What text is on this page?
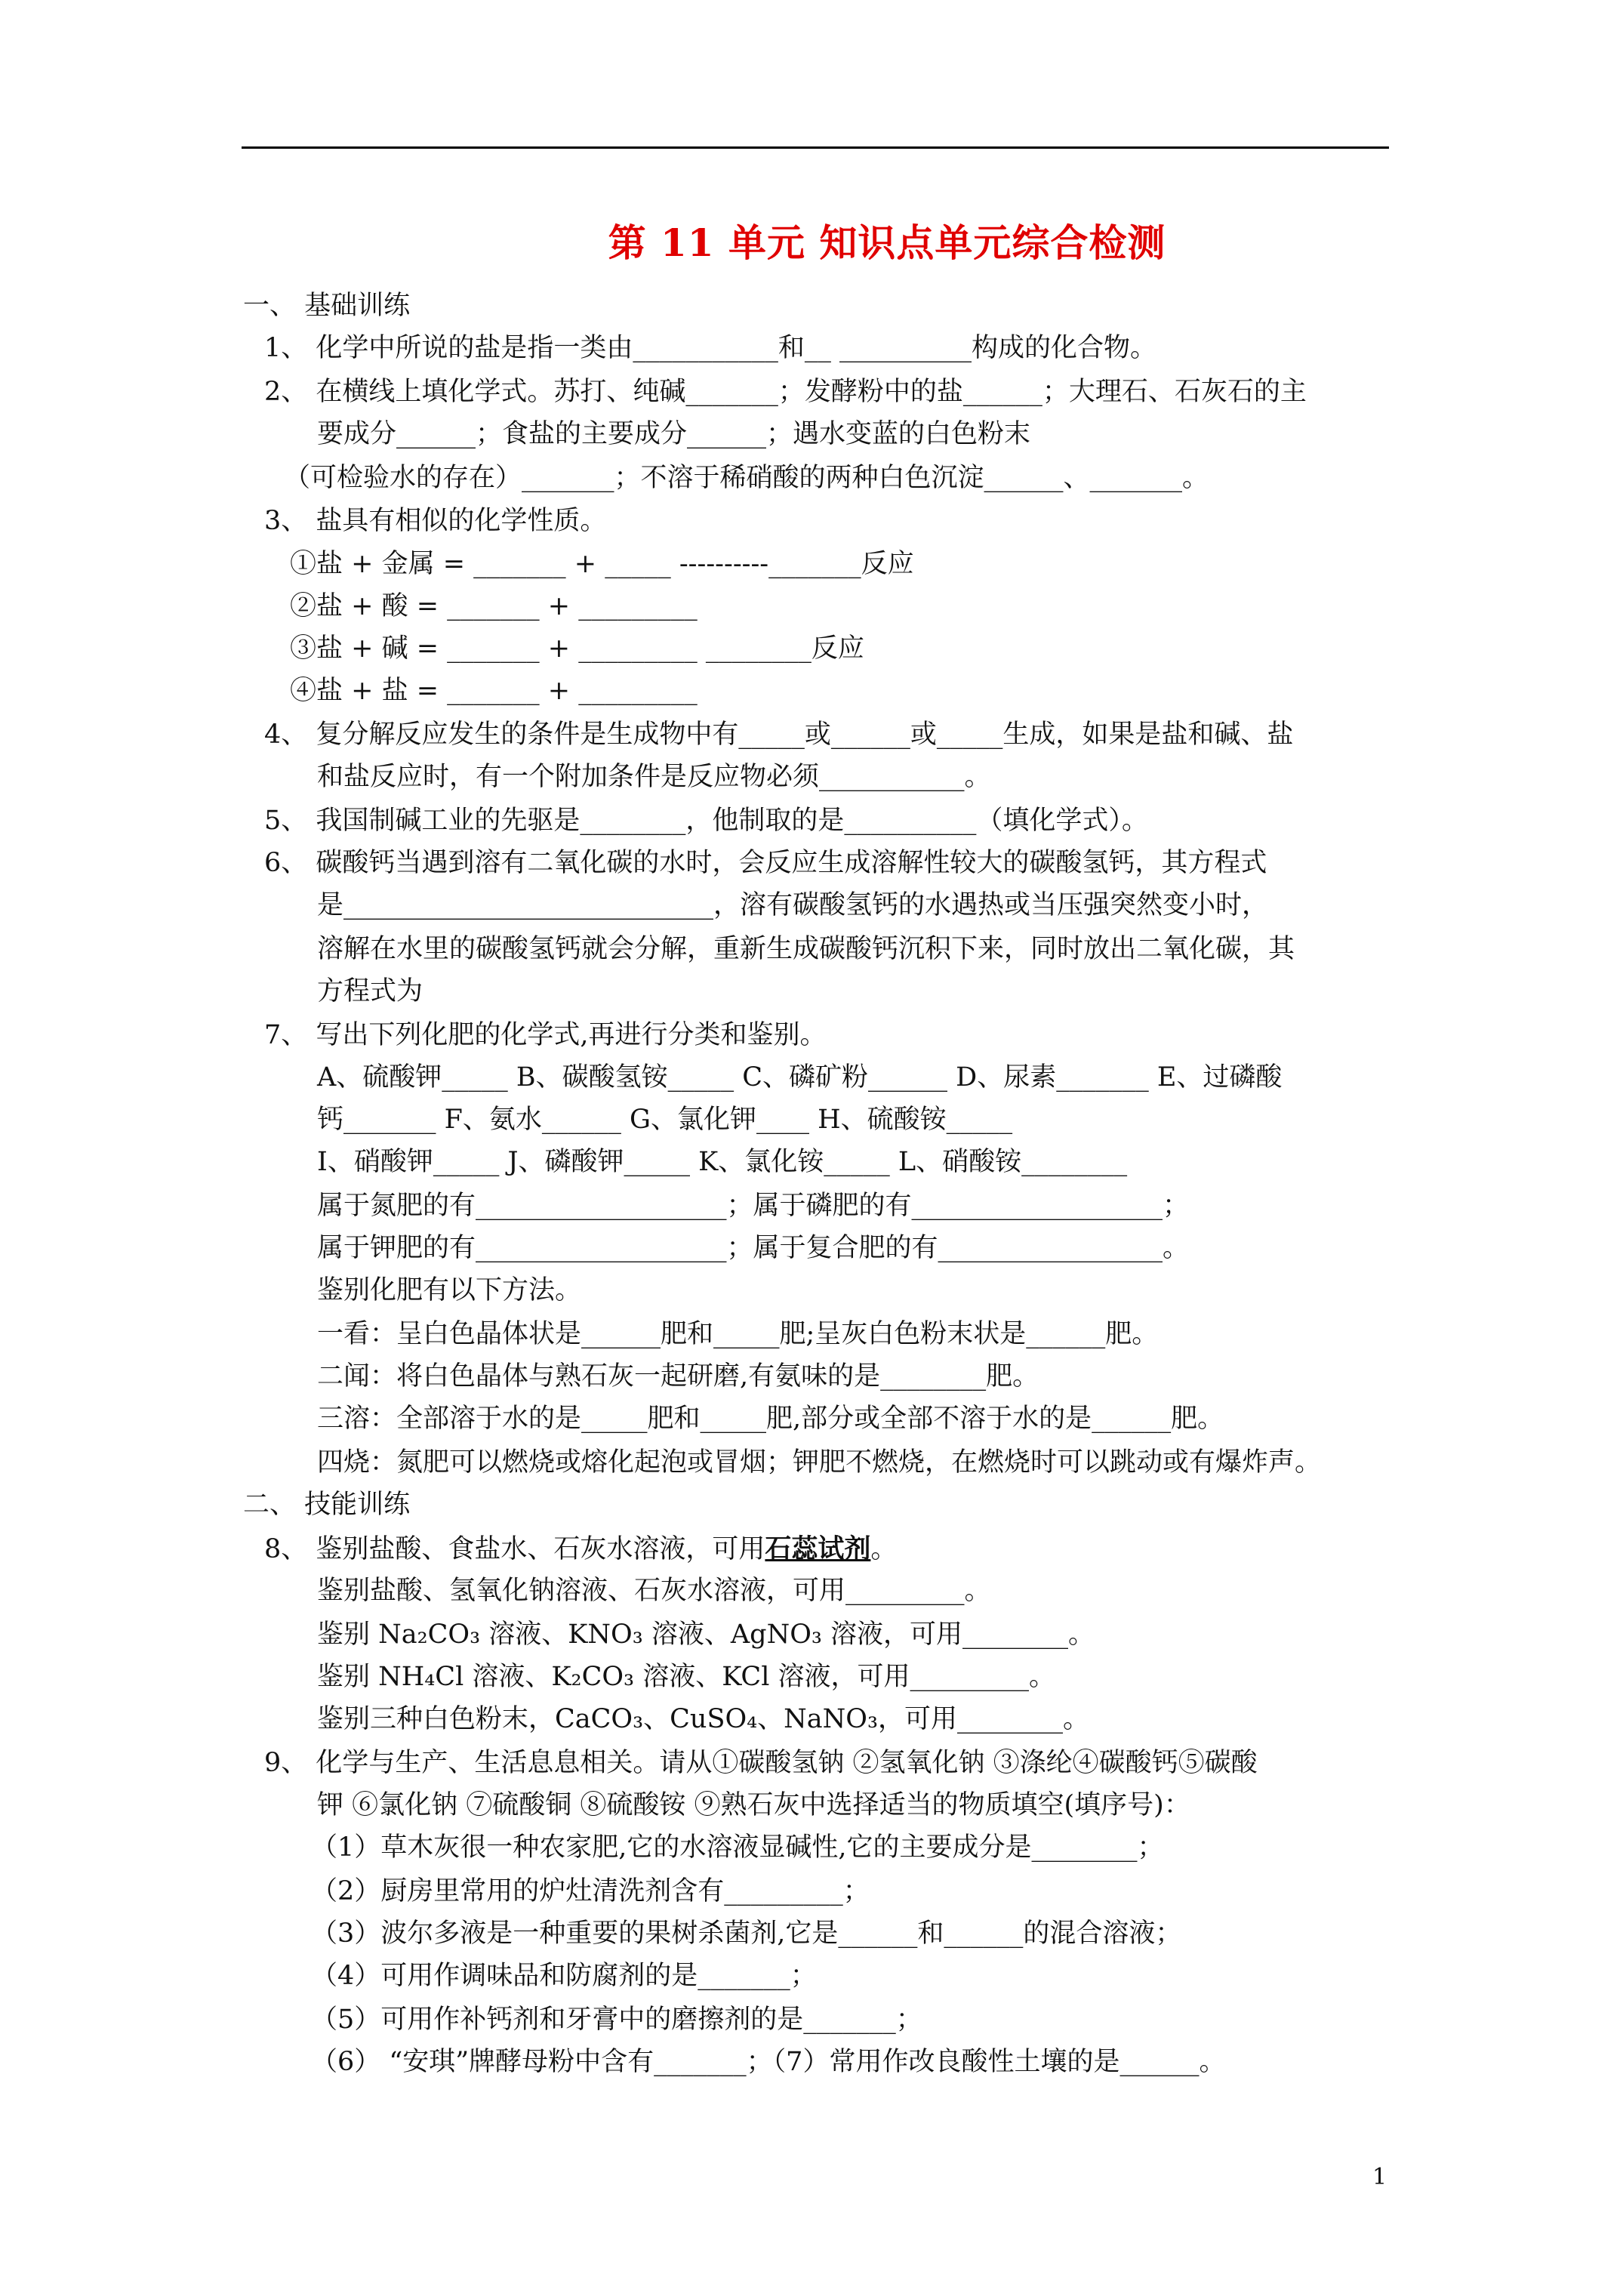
第 11 单元 知识点单元综合检测
一、 基础训练
1、 化学中所说的盐是指一类由___________和__ __________构成的化合物。
2、 在横线上填化学式。苏打、纯碱_______；发酵粉中的盐______；大理石、石灰石的主
要成分______；食盐的主要成分______；遇水变蓝的白色粉末
（可检验水的存在）_______；不溶于稀硝酸的两种白色沉淀______、_______。
3、 盐具有相似的化学性质。
①盐 + 金属 = _______ + _____ ----------_______反应
②盐 + 酸 = _______ + _________
③盐 + 碱 = _______ + _________ ________反应
④盐 + 盐 = _______ + _________
4、 复分解反应发生的条件是生成物中有_____或______或_____生成，如果是盐和碱、盐
和盐反应时，有一个附加条件是反应物必须___________。
5、 我国制碱工业的先驱是________，他制取的是__________（填化学式）。
6、 碳酸钙当遇到溶有二氧化碳的水时，会反应生成溶解性较大的碳酸氢钙，其方程式
是____________________________，溶有碳酸氢钙的水遇热或当压强突然变小时，
溶解在水里的碳酸氢钙就会分解，重新生成碳酸钙沉积下来，同时放出二氧化碳，其
方程式为
7、 写出下列化肥的化学式,再进行分类和鉴别。
A、硫酸钾_____ B、碳酸氢铵_____ C、磷矿粉______ D、尿素_______ E、过磷酸
钙_______ F、氨水______ G、氯化钾____ H、硫酸铵_____
I、硝酸钾_____ J、磷酸钾_____ K、氯化铵_____ L、硝酸铵________
属于氮肥的有___________________；属于磷肥的有___________________；
属于钾肥的有___________________；属于复合肥的有_________________。
鉴别化肥有以下方法。
一看：呈白色晶体状是______肥和_____肥;呈灰白色粉末状是______肥。
二闻：将白色晶体与熟石灰一起研磨,有氨味的是________肥。
三溶：全部溶于水的是_____肥和_____肥,部分或全部不溶于水的是______肥。
四烧：氮肥可以燃烧或熔化起泡或冒烟；钾肥不燃烧，在燃烧时可以跳动或有爆炸声。
二、 技能训练
8、 鉴别盐酸、食盐水、石灰水溶液，可用石蕊试剂。
鉴别盐酸、氢氧化钠溶液、石灰水溶液，可用_________。
鉴别 Na₂CO₃ 溶液、KNO₃ 溶液、AgNO₃ 溶液，可用________。
鉴别 NH₄Cl 溶液、K₂CO₃ 溶液、KCl 溶液，可用_________。
鉴别三种白色粉末，CaCO₃、CuSO₄、NaNO₃，可用________。
9、 化学与生产、生活息息相关。请从①碳酸氢钠 ②氢氧化钠 ③涤纶④碳酸钙⑤碳酸
钾 ⑥氯化钠 ⑦硫酸铜 ⑧硫酸铵 ⑨熟石灰中选择适当的物质填空(填序号)：
（1）草木灰很一种农家肥,它的水溶液显碱性,它的主要成分是________；
（2）厨房里常用的炉灶清洗剂含有_________；
（3）波尔多液是一种重要的果树杀菌剂,它是______和______的混合溶液；
（4）可用作调味品和防腐剂的是_______；
（5）可用作补钙剂和牙膏中的磨擦剂的是_______；
（6） “安琪”牌酵母粉中含有_______；（7）常用作改良酸性土壤的是______。
1
